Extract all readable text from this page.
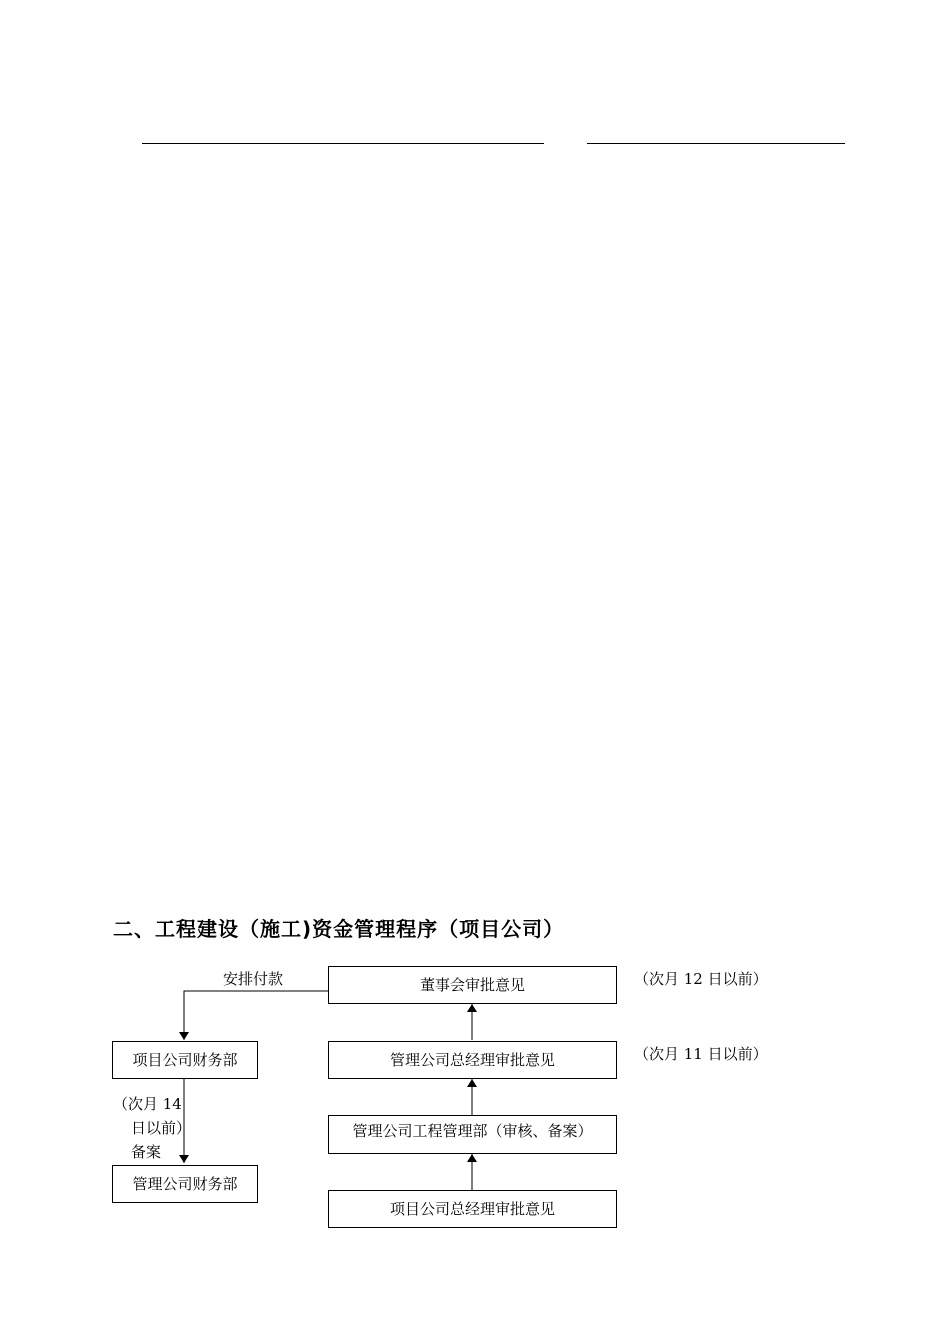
二、工程建设（施工)资金管理程序（项目公司）
董事会审批意见
管理公司总经理审批意见
管理公司工程管理部（审核、备案）
项目公司总经理审批意见
项目公司财务部
管理公司财务部
安排付款	（次月 12 日以前）
（次月 11 日以前）
（次月 14
日以前）
备案
